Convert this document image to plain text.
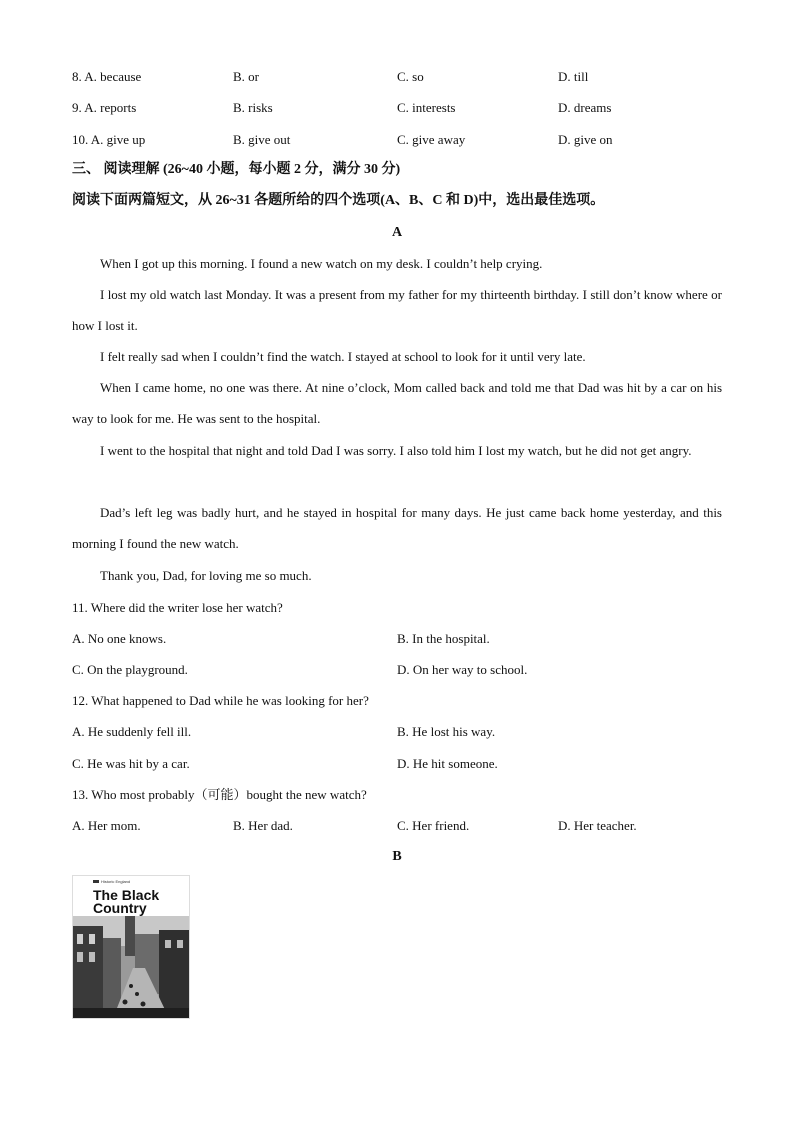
8. A. because	B. or	C. so	D. till
9. A. reports	B. risks	C. interests	D. dreams
10. A. give up	B. give out	C. give away	D. give on
三、 阅读理解 (26~40 小题，每小题 2 分，满分 30 分)
阅读下面两篇短文，从 26~31 各题所给的四个选项(A、B、C 和 D)中，选出最佳选项。
A
When I got up this morning. I found a new watch on my desk. I couldn’t help crying.
I lost my old watch last Monday. It was a present from my father for my thirteenth birthday. I still don’t know where or how I lost it.
I felt really sad when I couldn’t find the watch. I stayed at school to look for it until very late.
When I came home, no one was there. At nine o’clock, Mom called back and told me that Dad was hit by a car on his way to look for me. He was sent to the hospital.
I went to the hospital that night and told Dad I was sorry. I also told him I lost my watch, but he did not get angry.
Dad’s left leg was badly hurt, and he stayed in hospital for many days. He just came back home yesterday, and this morning I found the new watch.
Thank you, Dad, for loving me so much.
11. Where did the writer lose her watch?
A. No one knows.	B. In the hospital.
C. On the playground.	D. On her way to school.
12. What happened to Dad while he was looking for her?
A. He suddenly fell ill.	B. He lost his way.
C. He was hit by a car.	D. He hit someone.
13. Who most probably（可能）bought the new watch?
A. Her mom.	B. Her dad.	C. Her friend.	D. Her teacher.
B
Historic England
The Black
Country
